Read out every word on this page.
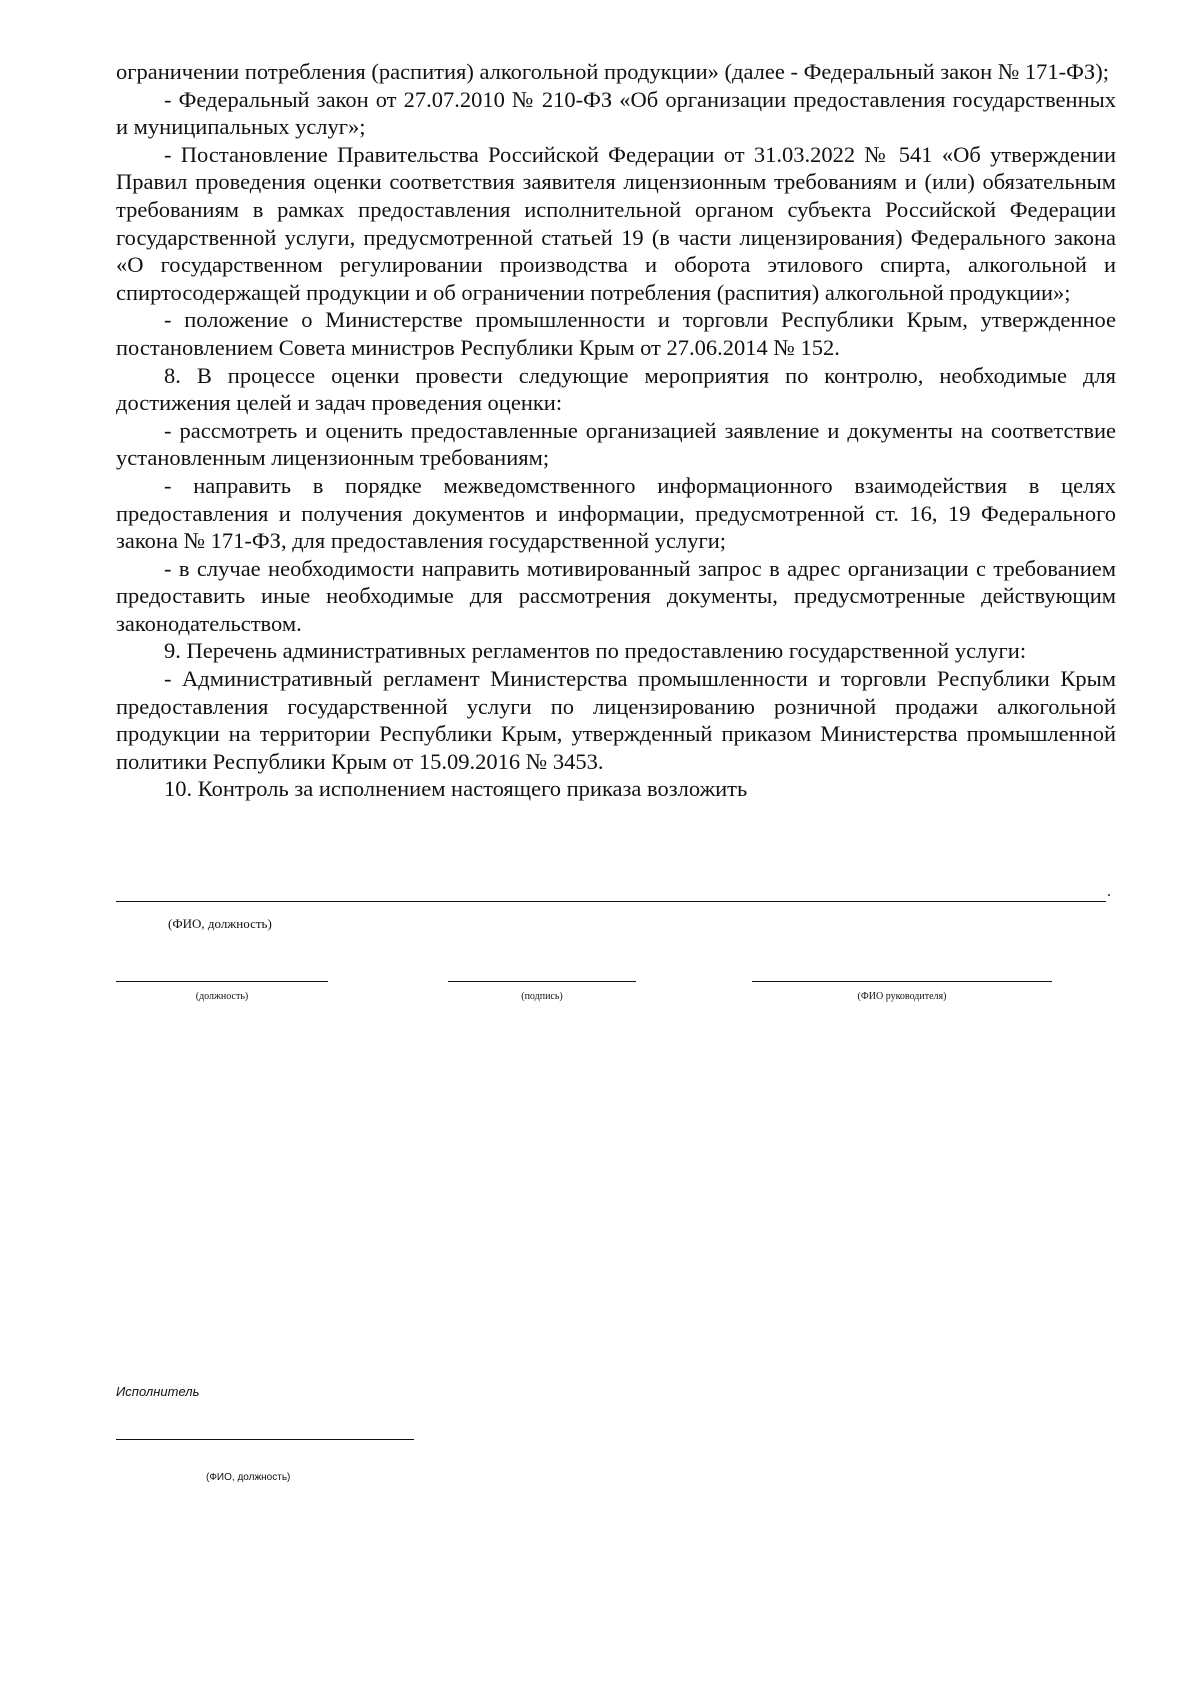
ограничении потребления (распития) алкогольной продукции» (далее - Федеральный закон № 171-ФЗ);

- Федеральный закон от 27.07.2010 № 210-ФЗ «Об организации предоставления государственных и муниципальных услуг»;

- Постановление Правительства Российской Федерации от 31.03.2022 № 541 «Об утверждении Правил проведения оценки соответствия заявителя лицензионным требованиям и (или) обязательным требованиям в рамках предоставления исполнительной органом субъекта Российской Федерации государственной услуги, предусмотренной статьей 19 (в части лицензирования) Федерального закона «О государственном регулировании производства и оборота этилового спирта, алкогольной и спиртосодержащей продукции и об ограничении потребления (распития) алкогольной продукции»;

- положение о Министерстве промышленности и торговли Республики Крым, утвержденное постановлением Совета министров Республики Крым от 27.06.2014 № 152.

8. В процессе оценки провести следующие мероприятия по контролю, необходимые для достижения целей и задач проведения оценки:

- рассмотреть и оценить предоставленные организацией заявление и документы на соответствие установленным лицензионным требованиям;

- направить в порядке межведомственного информационного взаимодействия в целях предоставления и получения документов и информации, предусмотренной ст. 16, 19 Федерального закона № 171-ФЗ, для предоставления государственной услуги;

- в случае необходимости направить мотивированный запрос в адрес организации с требованием предоставить иные необходимые для рассмотрения документы, предусмотренные действующим законодательством.

9. Перечень административных регламентов по предоставлению государственной услуги:

- Административный регламент Министерства промышленности и торговли Республики Крым предоставления государственной услуги по лицензированию розничной продажи алкогольной продукции на территории Республики Крым, утвержденный приказом Министерства промышленной политики Республики Крым от 15.09.2016 № 3453.

10. Контроль за исполнением настоящего приказа возложить

.
(ФИО, должность)
(должность)	(подпись)	(ФИО руководителя)
Исполнитель
(ФИО, должность)
